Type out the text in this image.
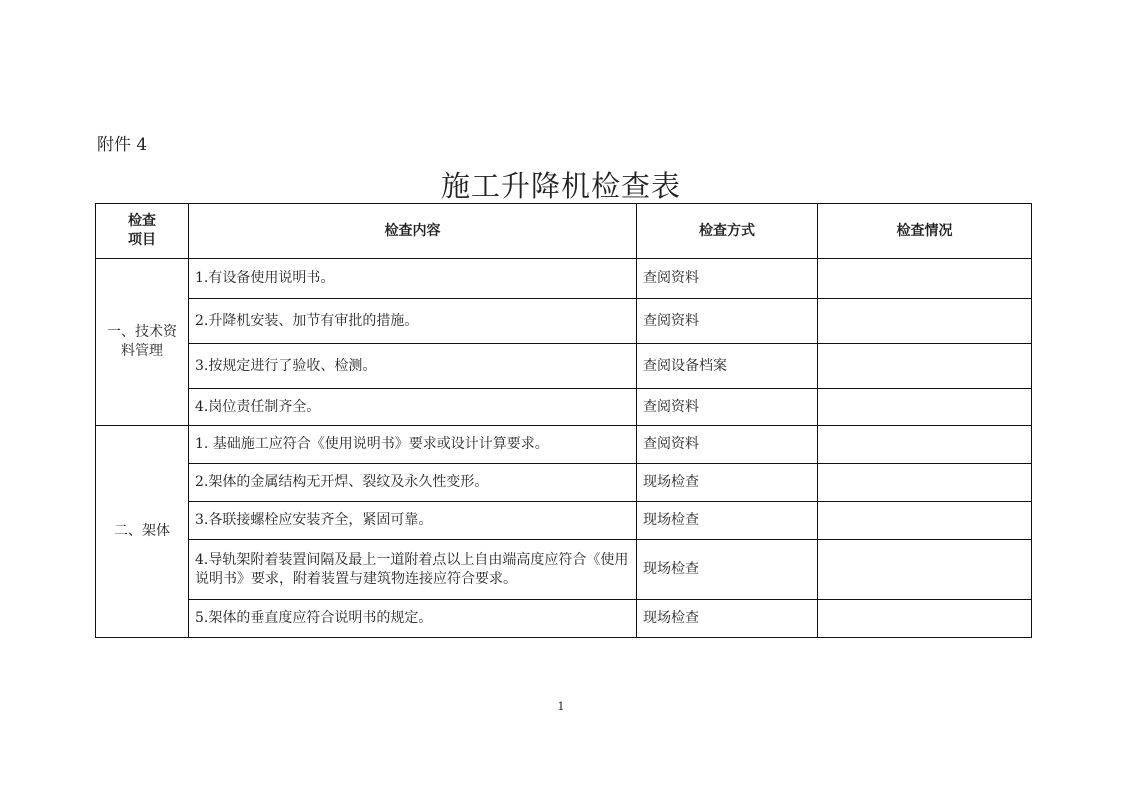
附件 4
施工升降机检查表
检查
项目	检查内容	检查方式	检查情况

一、技术资
料管理	1.有设备使用说明书。	查阅资料	
	2.升降机安装、加节有审批的措施。	查阅资料	
	3.按规定进行了验收、检测。	查阅设备档案	
	4.岗位责任制齐全。	查阅资料	

二、架体	1. 基础施工应符合《使用说明书》要求或设计计算要求。	查阅资料	
	2.架体的金属结构无开焊、裂纹及永久性变形。	现场检查	
	3.各联接螺栓应安装齐全，紧固可靠。	现场检查	
	4.导轨架附着装置间隔及最上一道附着点以上自由端高度应符合《使用说明书》要求，附着装置与建筑物连接应符合要求。	现场检查	
	5.架体的垂直度应符合说明书的规定。	现场检查	
1
